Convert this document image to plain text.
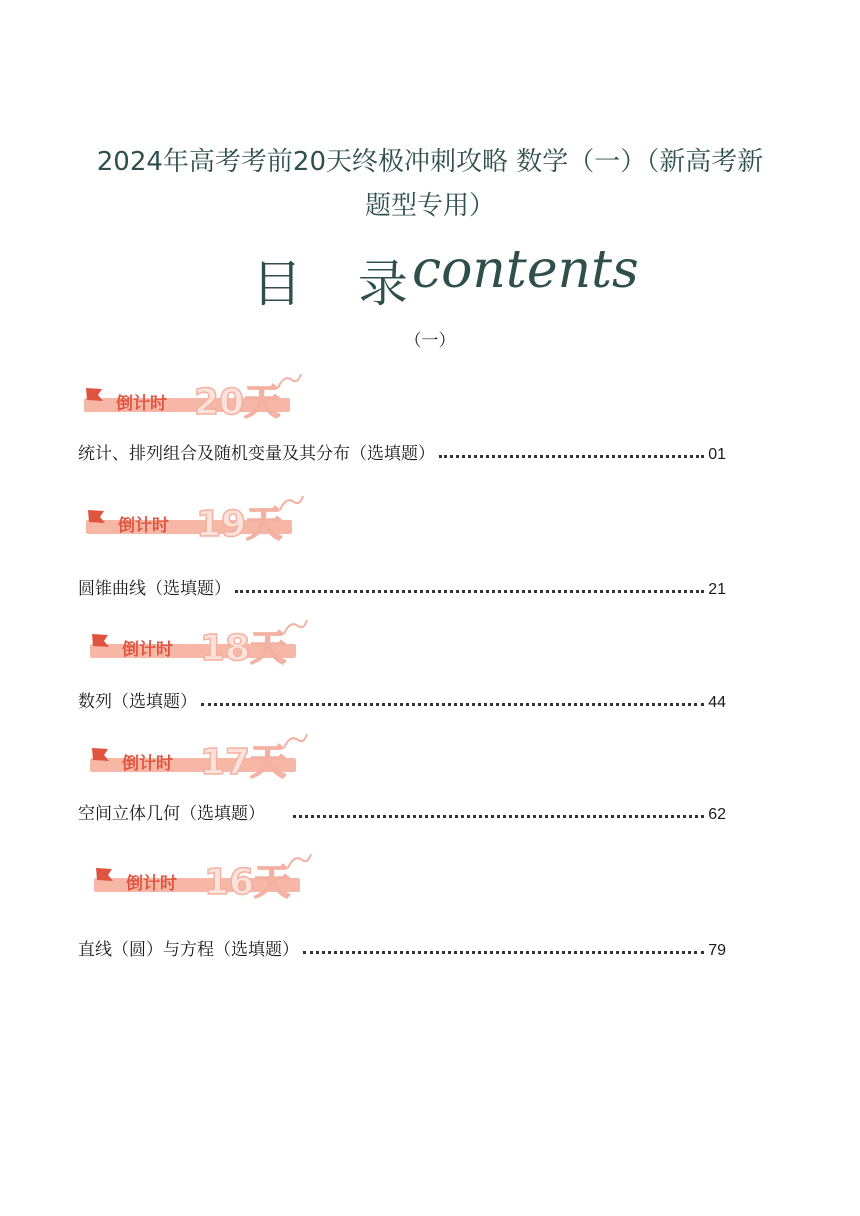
2024年高考考前20天终极冲刺攻略 数学（一）（新高考新
题型专用）
目 录
contents
（一）
倒计时 20天
统计、排列组合及随机变量及其分布（选填题）	01
倒计时 19天
圆锥曲线（选填题）	21
倒计时 18天
数列（选填题）	44
倒计时 17天
空间立体几何（选填题）	62
倒计时 16天
直线（圆）与方程（选填题）	79
